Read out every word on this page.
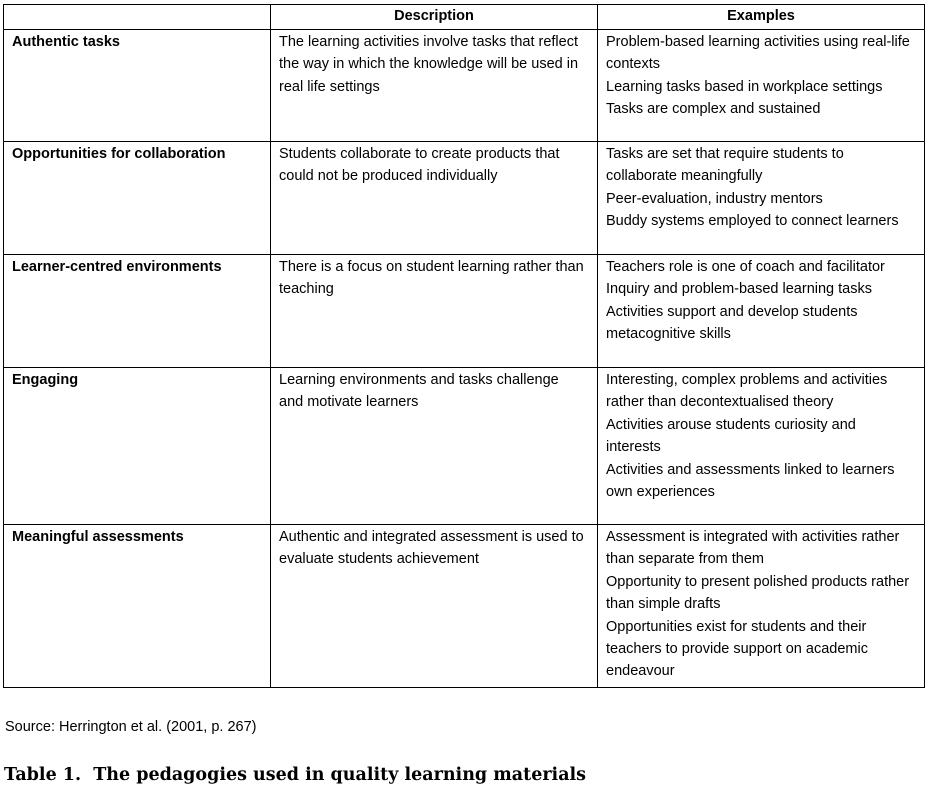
	Description	Examples
Authentic tasks	The learning activities involve tasks that reflect the way in which the knowledge will be used in real life settings	Problem-based learning activities using real-life contexts
Learning tasks based in workplace settings
Tasks are complex and sustained

Opportunities for collaboration	Students collaborate to create products that could not be produced individually	Tasks are set that require students to collaborate meaningfully
Peer-evaluation, industry mentors
Buddy systems employed to connect learners

Learner-centred environments	There is a focus on student learning rather than teaching	Teachers role is one of coach and facilitator
Inquiry and problem-based learning tasks
Activities support and develop students metacognitive skills

Engaging	Learning environments and tasks challenge and motivate learners	Interesting, complex problems and activities rather than decontextualised theory
Activities arouse students curiosity and interests
Activities and assessments linked to learners own experiences

Meaningful assessments	Authentic and integrated assessment is used to evaluate students achievement	Assessment is integrated with activities rather than separate from them
Opportunity to present polished products rather than simple drafts
Opportunities exist for students and their teachers to provide support on academic endeavour
Source: Herrington et al. (2001, p. 267)
Table 1.  The pedagogies used in quality learning materials
